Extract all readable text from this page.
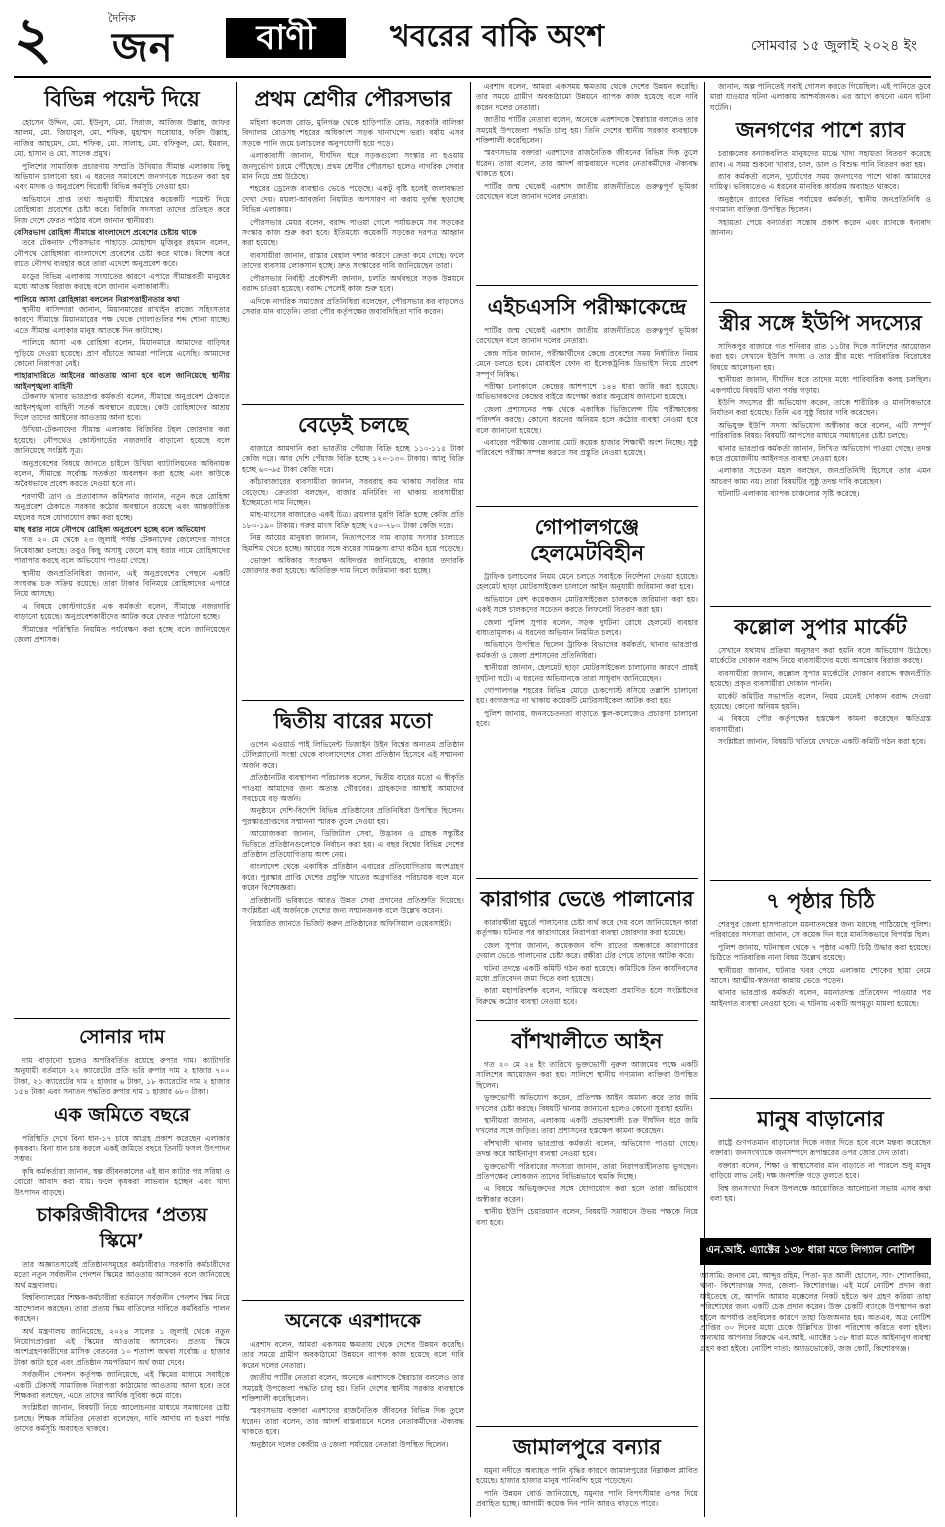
২	দৈনিক
জন	বাণী	খবরের বাকি অংশ	সোমবার ১৫ জুলাই ২০২৪ ইং
বিভিন্ন পয়েন্ট দিয়ে

হোসেন উদ্দিন, মো. ইউনুস, মো. সিরাজ, আজিজ উল্লাহ, জাফর আলম, মো. জিয়াবুল, মো. শফিক, মুহাম্মদ সরোয়ার, ফরিদ উল্লাহ, নাজির আহমেদ, মো. শফিক, মো. সালাহ, মো. রফিকুল, মো. ইমরান, মো. হাসান ও মো. সাদেক প্রমুখ।

পুলিশের সামাজিক প্রচারণায় সম্প্রতি উখিয়ার সীমান্ত এলাকায় কিছু অভিযান চালানো হয়। এ ধরনের সমাবেশে জনগণকে সচেতন করা হয় এবং মাদক ও অনুপ্রবেশ বিরোধী বিভিন্ন কর্মসূচি নেওয়া হয়।

অভিযানে প্রাপ্ত তথ্য অনুযায়ী সীমান্তের কয়েকটি পয়েন্ট দিয়ে রোহিঙ্গারা প্রবেশের চেষ্টা করে। বিজিবি সদস্যরা তাদের প্রতিহত করে নিজ দেশে ফেরত পাঠায় বলে জানান স্থানীয়রা।

বেসিরভাগ রোহিঙ্গা সীমান্তে বাংলাদেশে প্রবেশের চেষ্টায় থাকে

তবে টেকনাফ পৌরসভার পাহাড়ে মোহাম্মদ মুজিবুর রহমান বলেন, নৌপথে রোহিঙ্গারা বাংলাদেশে প্রবেশের চেষ্টা করে থাকে। বিশেষ করে রাতে নৌপথ ব্যবহার করে তারা এদেশে অনুপ্রবেশ করে।

মংডুর বিভিন্ন এলাকায় সংঘাতের কারণে এপারে সীমান্তবর্তী মানুষের মধ্যে আতঙ্ক বিরাজ করছে বলে জানান এলাকাবাসী।

পালিয়ে আসা রোহিঙ্গারা বললেন নিরাপত্তাহীনতার কথা

স্থানীয় বাসিন্দারা জানান, মিয়ানমারের রাখাইন রাজ্যে সহিংসতার কারণে সীমান্তে মিয়ানমারের পক্ষ থেকে গোলাগুলির শব্দ শোনা যাচ্ছে। এতে সীমান্ত এলাকার মানুষ আতঙ্কে দিন কাটাচ্ছে।

পালিয়ে আসা এক রোহিঙ্গা বলেন, মিয়ানমারে আমাদের বাড়িঘর পুড়িয়ে দেওয়া হয়েছে। প্রাণ বাঁচাতে আমরা পালিয়ে এসেছি। আমাদের কোনো নিরাপত্তা নেই।

পাহারাদারিতে আইনের আওতায় আনা হবে বলে জানিয়েছে স্থানীয় আইনশৃঙ্খলা বাহিনী

টেকনাফ থানার ভারপ্রাপ্ত কর্মকর্তা বলেন, সীমান্তে অনুপ্রবেশ ঠেকাতে আইনশৃঙ্খলা বাহিনী সতর্ক অবস্থানে রয়েছে। কেউ রোহিঙ্গাদের আশ্রয় দিলে তাদের আইনের আওতায় আনা হবে।

উখিয়া-টেকনাফের সীমান্ত এলাকায় বিজিবির টহল জোরদার করা হয়েছে। নৌপথেও কোস্টগার্ডের নজরদারি বাড়ানো হয়েছে বলে জানিয়েছে সংশ্লিষ্ট সূত্র।

অনুপ্রবেশের বিষয়ে জানতে চাইলে উখিয়া ব্যাটালিয়নের অধিনায়ক বলেন, সীমান্তে সর্বোচ্চ সতর্কতা অবলম্বন করা হচ্ছে এবং কাউকে অবৈধভাবে প্রবেশ করতে দেওয়া হবে না।

শরণার্থী ত্রাণ ও প্রত্যাবাসন কমিশনার জানান, নতুন করে রোহিঙ্গা অনুপ্রবেশ ঠেকাতে সরকার কঠোর অবস্থানে রয়েছে এবং আন্তর্জাতিক মহলের সঙ্গে যোগাযোগ রক্ষা করা হচ্ছে।

মাছ ধরার নামে নৌপথে রোহিঙ্গা অনুপ্রবেশ হচ্ছে বলে অভিযোগ

গত ২০ মে থেকে ২৩ জুলাই পর্যন্ত টেকনাফের জেলেদের সাগরে নিষেধাজ্ঞা চলছে। তবুও কিছু অসাধু জেলে মাছ ধরার নামে রোহিঙ্গাদের পারাপার করছে বলে অভিযোগ পাওয়া গেছে।

স্থানীয় জনপ্রতিনিধিরা জানান, এই অনুপ্রবেশের পেছনে একটি সংঘবদ্ধ চক্র সক্রিয় রয়েছে। তারা টাকার বিনিময়ে রোহিঙ্গাদের এপারে নিয়ে আসছে।

এ বিষয়ে কোস্টগার্ডের এক কর্মকর্তা বলেন, সীমান্তে নজরদারি বাড়ানো হয়েছে। অনুপ্রবেশকারীদের আটক করে ফেরত পাঠানো হচ্ছে।

সীমান্তের পরিস্থিতি নিয়মিত পর্যবেক্ষণ করা হচ্ছে বলে জানিয়েছেন জেলা প্রশাসক।

সোনার দাম

দাম বাড়ানো হলেও অপরিবর্তিত রয়েছে রুপার দাম। ক্যাটাগরি অনুযায়ী বর্তমানে ২২ ক্যারেটের প্রতি ভরি রুপার দাম ২ হাজার ৭০০ টাকা, ২১ ক্যারেটের দাম ২ হাজার ৬ টাকা, ১৮ ক্যারেটের দাম ২ হাজার ১৫৪ টাকা এবং সনাতন পদ্ধতির রুপার দাম ১ হাজার ৬৮০ টাকা।

এক জমিতে বছরে

পরিস্থিতি দেখে বিনা ধান-১৭ চাষে আগ্রহ প্রকাশ করেছেন এলাকার কৃষকরা। বিনা ধান চাষ করলে একই জমিতে বছরে তিনটি ফসল উৎপাদন সম্ভব।

কৃষি কর্মকর্তারা জানান, স্বল্প জীবনকালের এই ধান কাটার পর সরিষা ও বোরো আবাদ করা যায়। ফলে কৃষকরা লাভবান হচ্ছেন এবং খাদ্য উৎপাদন বাড়ছে।

চাকরিজীবীদের ‘প্রত্যয় স্কিমে’

তার অজ্ঞাতসারেই প্রতিষ্ঠানসমূহের কর্মচারীরাও সরকারি কর্মচারীদের মতো নতুন সর্বজনীন পেনশন স্কিমের আওতায় আসবেন বলে জানিয়েছে অর্থ মন্ত্রণালয়।

বিশ্ববিদ্যালয়ের শিক্ষক-কর্মচারীরা বর্তমানে সর্বজনীন পেনশন স্কিম নিয়ে আন্দোলন করছেন। তারা প্রত্যয় স্কিম বাতিলের দাবিতে কর্মবিরতি পালন করছেন।

অর্থ মন্ত্রণালয় জানিয়েছে, ২০২৪ সালের ১ জুলাই থেকে নতুন নিয়োগপ্রাপ্তরা এই স্কিমের আওতায় আসবেন। প্রত্যয় স্কিমে অংশগ্রহণকারীদের মাসিক বেতনের ১০ শতাংশ অথবা সর্বোচ্চ ৫ হাজার টাকা কাটা হবে এবং প্রতিষ্ঠান সমপরিমাণ অর্থ জমা দেবে।

সর্বজনীন পেনশন কর্তৃপক্ষ জানিয়েছে, এই স্কিমের মাধ্যমে সবাইকে একটি টেকসই সামাজিক নিরাপত্তা কাঠামোর আওতায় আনা হবে। তবে শিক্ষকরা বলছেন, এতে তাদের আর্থিক সুবিধা কমে যাবে।

সংশ্লিষ্টরা জানান, বিষয়টি নিয়ে আলোচনার মাধ্যমে সমাধানের চেষ্টা চলছে। শিক্ষক সমিতির নেতারা বলেছেন, দাবি আদায় না হওয়া পর্যন্ত তাদের কর্মসূচি অব্যাহত থাকবে।

প্রথম শ্রেণীর পৌরসভার

মহিলা কলেজ রোড, মুনিগঞ্জ থেকে হাড়িপাতি রোড, সরকারি বালিকা বিদ্যালয় রোডসহ শহরের অধিকাংশ সড়ক খানাখন্দে ভরা। বর্ষায় এসব সড়কে পানি জমে চলাচলের অনুপযোগী হয়ে পড়ে।

এলাকাবাসী জানান, দীর্ঘদিন ধরে সড়কগুলো সংস্কার না হওয়ায় জনদুর্ভোগ চরমে পৌঁছেছে। প্রথম শ্রেণীর পৌরসভা হলেও নাগরিক সেবার মান নিয়ে প্রশ্ন উঠেছে।

শহরের ড্রেনেজ ব্যবস্থাও ভেঙে পড়েছে। একটু বৃষ্টি হলেই জলাবদ্ধতা দেখা দেয়। ময়লা-আবর্জনা নিয়মিত অপসারণ না করায় দুর্গন্ধ ছড়াচ্ছে বিভিন্ন এলাকায়।

পৌরসভার মেয়র বলেন, বরাদ্দ পাওয়া গেলে পর্যায়ক্রমে সব সড়কের সংস্কার কাজ শুরু করা হবে। ইতিমধ্যে কয়েকটি সড়কের দরপত্র আহ্বান করা হয়েছে।

ব্যবসায়ীরা জানান, রাস্তার বেহাল দশার কারণে ক্রেতা কমে গেছে। ফলে তাদের ব্যবসায় লোকসান হচ্ছে। দ্রুত সংস্কারের দাবি জানিয়েছেন তারা।

পৌরসভার নির্বাহী প্রকৌশলী জানান, চলতি অর্থবছরে সড়ক উন্নয়নে বরাদ্দ চাওয়া হয়েছে। বরাদ্দ পেলেই কাজ শুরু হবে।

এদিকে নাগরিক সমাজের প্রতিনিধিরা বলেছেন, পৌরসভার কর বাড়লেও সেবার মান বাড়েনি। তারা পৌর কর্তৃপক্ষের জবাবদিহিতা দাবি করেন।

বেড়েই চলছে

বাজারে আমদানি করা ভারতীয় পেঁয়াজ বিক্রি হচ্ছে ১১০-১১৫ টাকা কেজি দরে। আর দেশি পেঁয়াজ বিক্রি হচ্ছে ১২০-১৩০ টাকায়। আলু বিক্রি হচ্ছে ৬০-৬৫ টাকা কেজি দরে।

কাঁচাবাজারের ব্যবসায়ীরা জানান, সরবরাহ কম থাকায় সবজির দাম বেড়েছে। ক্রেতারা বলছেন, বাজার মনিটরিং না থাকায় ব্যবসায়ীরা ইচ্ছেমতো দাম নিচ্ছেন।

মাছ-মাংসের বাজারেও একই চিত্র। ব্রয়লার মুরগি বিক্রি হচ্ছে কেজি প্রতি ১৮০-১৯০ টাকায়। গরুর মাংস বিক্রি হচ্ছে ৭৫০-৭৮০ টাকা কেজি দরে।

নিম্ন আয়ের মানুষরা জানান, নিত্যপণ্যের দাম বাড়ায় সংসার চালাতে হিমশিম খেতে হচ্ছে। আয়ের সঙ্গে ব্যয়ের সামঞ্জস্য রাখা কঠিন হয়ে পড়েছে।

ভোক্তা অধিকার সংরক্ষণ অধিদপ্তর জানিয়েছে, বাজার তদারকি জোরদার করা হয়েছে। অতিরিক্ত দাম নিলে জরিমানা করা হচ্ছে।

দ্বিতীয় বারের মতো

ওপেন এওয়ার্ড পাই লিভিনেন্ট ডিজাইন উইন বিশ্বের অন্যতম প্রতিষ্ঠান টেলিপ্ল্যানেট সংস্থা থেকে বাংলাদেশের সেবা প্রতিষ্ঠান হিসেবে এই সম্মাননা অর্জন করে।

প্রতিষ্ঠানটির ব্যবস্থাপনা পরিচালক বলেন, দ্বিতীয় বারের মতো এ স্বীকৃতি পাওয়া আমাদের জন্য অত্যন্ত গৌরবের। গ্রাহকদের আস্থাই আমাদের সবচেয়ে বড় অর্জন।

অনুষ্ঠানে দেশি-বিদেশি বিভিন্ন প্রতিষ্ঠানের প্রতিনিধিরা উপস্থিত ছিলেন। পুরস্কারপ্রাপ্তদের সম্মাননা স্মারক তুলে দেওয়া হয়।

আয়োজকরা জানান, ডিজিটাল সেবা, উদ্ভাবন ও গ্রাহক সন্তুষ্টির ভিত্তিতে প্রতিষ্ঠানগুলোকে নির্বাচন করা হয়। এ বছর বিশ্বের বিভিন্ন দেশের প্রতিষ্ঠান প্রতিযোগিতায় অংশ নেয়।

বাংলাদেশ থেকে একাধিক প্রতিষ্ঠান এবারের প্রতিযোগিতায় অংশগ্রহণ করে। পুরস্কার প্রাপ্তি দেশের প্রযুক্তি খাতের অগ্রগতির পরিচায়ক বলে মনে করেন বিশেষজ্ঞরা।

প্রতিষ্ঠানটি ভবিষ্যতে আরও উন্নত সেবা প্রদানের প্রতিশ্রুতি দিয়েছে। সংশ্লিষ্টরা এই অর্জনকে দেশের জন্য সম্মানজনক বলে উল্লেখ করেন।

বিস্তারিত জানতে ভিজিট করুন প্রতিষ্ঠানের অফিসিয়াল ওয়েবসাইট।

অনেকে এরশাদকে

এরশাদ বলেন, আমরা একসময় ক্ষমতায় থেকে দেশের উন্নয়ন করেছি। তার সময়ে গ্রামীণ অবকাঠামো উন্নয়নে ব্যাপক কাজ হয়েছে বলে দাবি করেন দলের নেতারা।

জাতীয় পার্টির নেতারা বলেন, অনেকে এরশাদকে স্বৈরাচার বললেও তার সময়েই উপজেলা পদ্ধতি চালু হয়। তিনি দেশের স্থানীয় সরকার ব্যবস্থাকে শক্তিশালী করেছিলেন।

স্মরণসভায় বক্তারা এরশাদের রাজনৈতিক জীবনের বিভিন্ন দিক তুলে ধরেন। তারা বলেন, তার আদর্শ বাস্তবায়নে দলের নেতাকর্মীদের ঐক্যবদ্ধ থাকতে হবে।

অনুষ্ঠানে দলের কেন্দ্রীয় ও জেলা পর্যায়ের নেতারা উপস্থিত ছিলেন।

এইচএসসি পরীক্ষাকেন্দ্রে

পার্টির জন্ম থেকেই এরশাদ জাতীয় রাজনীতিতে গুরুত্বপূর্ণ ভূমিকা রেখেছেন বলে জানান দলের নেতারা।

কেন্দ্র সচিব জানান, পরীক্ষার্থীদের কেন্দ্রে প্রবেশের সময় নির্ধারিত নিয়ম মেনে চলতে হবে। মোবাইল ফোন বা ইলেকট্রনিক ডিভাইস নিয়ে প্রবেশ সম্পূর্ণ নিষিদ্ধ।

পরীক্ষা চলাকালে কেন্দ্রের আশপাশে ১৪৪ ধারা জারি করা হয়েছে। অভিভাবকদের কেন্দ্রের বাইরে অপেক্ষা করার অনুরোধ জানানো হয়েছে।

জেলা প্রশাসনের পক্ষ থেকে একাধিক ভিজিলেন্স টিম পরীক্ষাকেন্দ্র পরিদর্শন করছে। কোনো ধরনের অনিয়ম হলে কঠোর ব্যবস্থা নেওয়া হবে বলে জানানো হয়েছে।

এবারের পরীক্ষায় জেলায় মোট কয়েক হাজার শিক্ষার্থী অংশ নিচ্ছে। সুষ্ঠু পরিবেশে পরীক্ষা সম্পন্ন করতে সব প্রস্তুতি নেওয়া হয়েছে।

এরশাদ বলেন, আমরা একসময় ক্ষমতায় থেকে দেশের উন্নয়ন করেছি। তার সময়ে গ্রামীণ অবকাঠামো উন্নয়নে ব্যাপক কাজ হয়েছে বলে দাবি করেন দলের নেতারা।

জাতীয় পার্টির নেতারা বলেন, অনেকে এরশাদকে স্বৈরাচার বললেও তার সময়েই উপজেলা পদ্ধতি চালু হয়। তিনি দেশের স্থানীয় সরকার ব্যবস্থাকে শক্তিশালী করেছিলেন।

স্মরণসভায় বক্তারা এরশাদের রাজনৈতিক জীবনের বিভিন্ন দিক তুলে ধরেন। তারা বলেন, তার আদর্শ বাস্তবায়নে দলের নেতাকর্মীদের ঐক্যবদ্ধ থাকতে হবে।

পার্টির জন্ম থেকেই এরশাদ জাতীয় রাজনীতিতে গুরুত্বপূর্ণ ভূমিকা রেখেছেন বলে জানান দলের নেতারা।

গোপালগঞ্জে হেলমেটবিহীন

ট্রাফিক চলাচলের নিয়ম মেনে চলতে সবাইকে নির্দেশনা দেওয়া হয়েছে। হেলমেট ছাড়া মোটরসাইকেল চালালে আইন অনুযায়ী জরিমানা করা হবে।

অভিযানে বেশ কয়েকজন মোটরসাইকেল চালককে জরিমানা করা হয়। একই সঙ্গে চালকদের সচেতন করতে লিফলেট বিতরণ করা হয়।

জেলা পুলিশ সুপার বলেন, সড়ক দুর্ঘটনা রোধে হেলমেট ব্যবহার বাধ্যতামূলক। এ ধরনের অভিযান নিয়মিত চলবে।

অভিযানে উপস্থিত ছিলেন ট্রাফিক বিভাগের কর্মকর্তা, থানার ভারপ্রাপ্ত কর্মকর্তা ও জেলা প্রশাসনের প্রতিনিধিরা।

স্থানীয়রা জানান, হেলমেট ছাড়া মোটরসাইকেল চালানোর কারণে প্রায়ই দুর্ঘটনা ঘটে। এ ধরনের অভিযানকে তারা সাধুবাদ জানিয়েছেন।

গোপালগঞ্জ শহরের বিভিন্ন মোড়ে চেকপোস্ট বসিয়ে তল্লাশি চালানো হয়। কাগজপত্র না থাকায় কয়েকটি মোটরসাইকেল আটক করা হয়।

পুলিশ জানায়, জনসচেতনতা বাড়াতে স্কুল-কলেজেও প্রচারণা চালানো হবে।

কারাগার ভেঙে পালানোর

কারারক্ষীরা মুহূর্তে পালানোর চেষ্টা ব্যর্থ করে দেয় বলে জানিয়েছেন কারা কর্তৃপক্ষ। ঘটনার পর কারাগারের নিরাপত্তা ব্যবস্থা জোরদার করা হয়েছে।

জেল সুপার জানান, কয়েকজন বন্দি রাতের অন্ধকারে কারাগারের দেয়াল ভেঙে পালানোর চেষ্টা করে। রক্ষীরা টের পেয়ে তাদের আটক করে।

ঘটনা তদন্তে একটি কমিটি গঠন করা হয়েছে। কমিটিকে তিন কার্যদিবসের মধ্যে প্রতিবেদন জমা দিতে বলা হয়েছে।

কারা মহাপরিদর্শক বলেন, দায়িত্বে অবহেলা প্রমাণিত হলে সংশ্লিষ্টদের বিরুদ্ধে কঠোর ব্যবস্থা নেওয়া হবে।

বাঁশখালীতে আইন

গত ২০ মে ২৪ ইং তারিখে ভুক্তভোগী নুরুল আজমের পক্ষে একটি সালিশের আয়োজন করা হয়। সালিশে স্থানীয় গণ্যমান্য ব্যক্তিরা উপস্থিত ছিলেন।

ভুক্তভোগী অভিযোগ করেন, প্রতিপক্ষ আইন অমান্য করে তার জমি দখলের চেষ্টা করছে। বিষয়টি থানায় জানানো হলেও কোনো সুরাহা হয়নি।

স্থানীয়রা জানান, এলাকায় একটি প্রভাবশালী চক্র দীর্ঘদিন ধরে জমি দখলের সঙ্গে জড়িত। তারা প্রশাসনের হস্তক্ষেপ কামনা করেছেন।

বাঁশখালী থানার ভারপ্রাপ্ত কর্মকর্তা বলেন, অভিযোগ পাওয়া গেছে। তদন্ত করে আইনানুগ ব্যবস্থা নেওয়া হবে।

ভুক্তভোগী পরিবারের সদস্যরা জানান, তারা নিরাপত্তাহীনতায় ভুগছেন। প্রতিপক্ষের লোকজন তাদের বিভিন্নভাবে হুমকি দিচ্ছে।

এ বিষয়ে অভিযুক্তদের সঙ্গে যোগাযোগ করা হলে তারা অভিযোগ অস্বীকার করেন।

স্থানীয় ইউপি চেয়ারম্যান বলেন, বিষয়টি সমাধানে উভয় পক্ষকে নিয়ে বসা হবে।

জামালপুরে বন্যার

যমুনা নদীতে অব্যাহত পানি বৃদ্ধির কারণে জামালপুরের নিম্নাঞ্চল প্লাবিত হয়েছে। হাজার হাজার মানুষ পানিবন্দি হয়ে পড়েছেন।

পানি উন্নয়ন বোর্ড জানিয়েছে, যমুনার পানি বিপৎসীমার ওপর দিয়ে প্রবাহিত হচ্ছে। আগামী কয়েক দিন পানি আরও বাড়তে পারে।

জানান, অল্প পানিতেই সবাই গোসল করতে গিয়েছিল। এই পানিতে ডুবে মারা যাওয়ার ঘটনা এলাকায় আশ্চর্যজনক। এর আগে কখনো এমন ঘটনা ঘটেনি।

জনগণের পাশে র‍্যাব

চরাঞ্চলের বন্যাকবলিত মানুষদের মাঝে খাদ্য সহায়তা বিতরণ করেছে র‍্যাব। এ সময় শুকনো খাবার, চাল, ডাল ও বিশুদ্ধ পানি বিতরণ করা হয়।

র‍্যাব কর্মকর্তা বলেন, দুর্যোগের সময় জনগণের পাশে থাকা আমাদের দায়িত্ব। ভবিষ্যতেও এ ধরনের মানবিক কার্যক্রম অব্যাহত থাকবে।

অনুষ্ঠানে র‍্যাবের বিভিন্ন পর্যায়ের কর্মকর্তা, স্থানীয় জনপ্রতিনিধি ও গণ্যমান্য ব্যক্তিরা উপস্থিত ছিলেন।

সহায়তা পেয়ে বন্যার্তরা সন্তোষ প্রকাশ করেন এবং র‍্যাবকে ধন্যবাদ জানান।

স্ত্রীর সঙ্গে ইউপি সদস্যের

সাদিকপুর বাজারে গত শনিবার রাত ১১টার দিকে সালিশের আয়োজন করা হয়। সেখানে ইউপি সদস্য ও তার স্ত্রীর মধ্যে পারিবারিক বিরোধের বিষয়ে আলোচনা হয়।

স্থানীয়রা জানান, দীর্ঘদিন ধরে তাদের মধ্যে পারিবারিক কলহ চলছিল। একপর্যায়ে বিষয়টি থানা পর্যন্ত গড়ায়।

ইউপি সদস্যের স্ত্রী অভিযোগ করেন, তাকে শারীরিক ও মানসিকভাবে নির্যাতন করা হয়েছে। তিনি এর সুষ্ঠু বিচার দাবি করেছেন।

অভিযুক্ত ইউপি সদস্য অভিযোগ অস্বীকার করে বলেন, এটি সম্পূর্ণ পারিবারিক বিষয়। বিষয়টি আপসের মাধ্যমে সমাধানের চেষ্টা চলছে।

থানার ভারপ্রাপ্ত কর্মকর্তা জানান, লিখিত অভিযোগ পাওয়া গেছে। তদন্ত করে প্রয়োজনীয় আইনগত ব্যবস্থা নেওয়া হবে।

এলাকার সচেতন মহল বলছেন, জনপ্রতিনিধি হিসেবে তার এমন আচরণ কাম্য নয়। তারা বিষয়টির সুষ্ঠু তদন্ত দাবি করেছেন।

ঘটনাটি এলাকায় ব্যাপক চাঞ্চল্যের সৃষ্টি করেছে।

কল্লোল সুপার মার্কেট

সেখানে যথাযথ প্রক্রিয়া অনুসরণ করা হয়নি বলে অভিযোগ উঠেছে। মার্কেটের দোকান বরাদ্দ নিয়ে ব্যবসায়ীদের মধ্যে অসন্তোষ বিরাজ করছে।

ব্যবসায়ীরা জানান, কল্লোল সুপার মার্কেটের দোকান বরাদ্দে স্বজনপ্রীতি হয়েছে। প্রকৃত ব্যবসায়ীরা দোকান পাননি।

মার্কেট কমিটির সভাপতি বলেন, নিয়ম মেনেই দোকান বরাদ্দ দেওয়া হয়েছে। কোনো অনিয়ম হয়নি।

এ বিষয়ে পৌর কর্তৃপক্ষের হস্তক্ষেপ কামনা করেছেন ক্ষতিগ্রস্ত ব্যবসায়ীরা।

সংশ্লিষ্টরা জানান, বিষয়টি খতিয়ে দেখতে একটি কমিটি গঠন করা হবে।

৭ পৃষ্ঠার চিঠি

শেরপুর জেলা হাসপাতালে ময়নাতদন্তের জন্য মরদেহ পাঠিয়েছে পুলিশ। পরিবারের সদস্যরা জানান, সে কয়েক দিন ধরে মানসিকভাবে বিপর্যস্ত ছিল।

পুলিশ জানায়, ঘটনাস্থল থেকে ৭ পৃষ্ঠার একটি চিঠি উদ্ধার করা হয়েছে। চিঠিতে পারিবারিক নানা বিষয় উল্লেখ রয়েছে।

স্থানীয়রা জানান, ঘটনার খবর পেয়ে এলাকায় শোকের ছায়া নেমে আসে। আত্মীয়-স্বজনরা কান্নায় ভেঙে পড়েন।

থানার ভারপ্রাপ্ত কর্মকর্তা বলেন, ময়নাতদন্ত প্রতিবেদন পাওয়ার পর আইনগত ব্যবস্থা নেওয়া হবে। এ ঘটনায় একটি অপমৃত্যু মামলা হয়েছে।

মানুষ বাড়ানোর

রাষ্ট্রে গুণগতমান বাড়ানোর দিকে নজর দিতে হবে বলে মন্তব্য করেছেন বক্তারা। জনসংখ্যাকে জনসম্পদে রূপান্তরের ওপর জোর দেন তারা।

বক্তারা বলেন, শিক্ষা ও স্বাস্থ্যসেবার মান বাড়াতে না পারলে শুধু মানুষ বাড়িয়ে লাভ নেই। দক্ষ জনশক্তি গড়ে তুলতে হবে।

বিশ্ব জনসংখ্যা দিবস উপলক্ষে আয়োজিত আলোচনা সভায় এসব কথা বলা হয়।

এন.আই. এ্যাক্টের ১৩৮ ধারা মতে লিগ্যাল নোটিশ
আসামি: জনাব মো. আব্দুর রহিম, পিতা- মৃত আলী হোসেন, সাং- শোলাকিয়া, থানা- কিশোরগঞ্জ সদর, জেলা- কিশোরগঞ্জ। এই মর্মে নোটিশ প্রদান করা যাইতেছে যে, আপনি আমার মক্কেলের নিকট হইতে ঋণ গ্রহণ করিয়া তাহা পরিশোধের জন্য একটি চেক প্রদান করেন। উক্ত চেকটি ব্যাংকে উপস্থাপন করা হইলে অপর্যাপ্ত তহবিলের কারণে তাহা ডিজঅনার হয়। অতএব, অত্র নোটিশ প্রাপ্তির ৩০ দিনের মধ্যে চেকে উল্লিখিত টাকা পরিশোধ করিতে বলা হইল। অন্যথায় আপনার বিরুদ্ধে এন.আই. এ্যাক্টের ১৩৮ ধারা মতে আইনানুগ ব্যবস্থা গ্রহণ করা হইবে। নোটিশ দাতা: অ্যাডভোকেট, জজ কোর্ট, কিশোরগঞ্জ।
